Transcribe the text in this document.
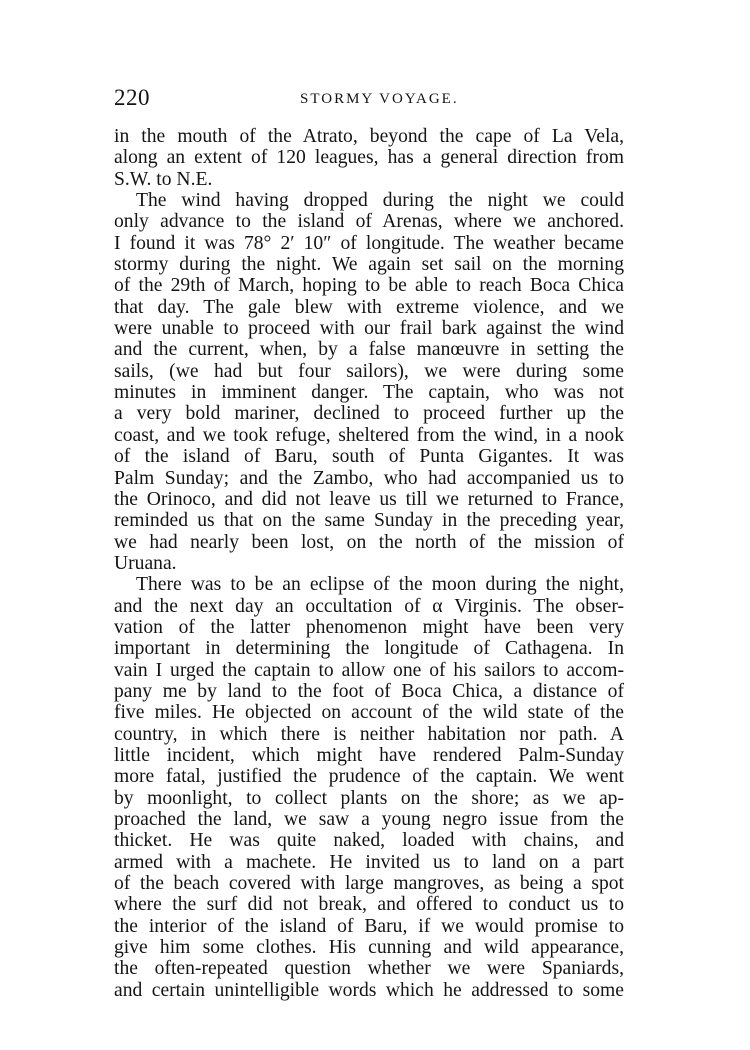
220	STORMY VOYAGE.
in the mouth of the Atrato, beyond the cape of La Vela,
along an extent of 120 leagues, has a general direction from
S.W. to N.E.
The wind having dropped during the night we could
only advance to the island of Arenas, where we anchored.
I found it was 78° 2′ 10″ of longitude. The weather became
stormy during the night. We again set sail on the morning
of the 29th of March, hoping to be able to reach Boca Chica
that day. The gale blew with extreme violence, and we
were unable to proceed with our frail bark against the wind
and the current, when, by a false manœuvre in setting the
sails, (we had but four sailors), we were during some
minutes in imminent danger. The captain, who was not
a very bold mariner, declined to proceed further up the
coast, and we took refuge, sheltered from the wind, in a nook
of the island of Baru, south of Punta Gigantes. It was
Palm Sunday; and the Zambo, who had accompanied us to
the Orinoco, and did not leave us till we returned to France,
reminded us that on the same Sunday in the preceding year,
we had nearly been lost, on the north of the mission of
Uruana.
There was to be an eclipse of the moon during the night,
and the next day an occultation of α Virginis. The obser-
vation of the latter phenomenon might have been very
important in determining the longitude of Cathagena. In
vain I urged the captain to allow one of his sailors to accom-
pany me by land to the foot of Boca Chica, a distance of
five miles. He objected on account of the wild state of the
country, in which there is neither habitation nor path. A
little incident, which might have rendered Palm-Sunday
more fatal, justified the prudence of the captain. We went
by moonlight, to collect plants on the shore; as we ap-
proached the land, we saw a young negro issue from the
thicket. He was quite naked, loaded with chains, and
armed with a machete. He invited us to land on a part
of the beach covered with large mangroves, as being a spot
where the surf did not break, and offered to conduct us to
the interior of the island of Baru, if we would promise to
give him some clothes. His cunning and wild appearance,
the often-repeated question whether we were Spaniards,
and certain unintelligible words which he addressed to some
